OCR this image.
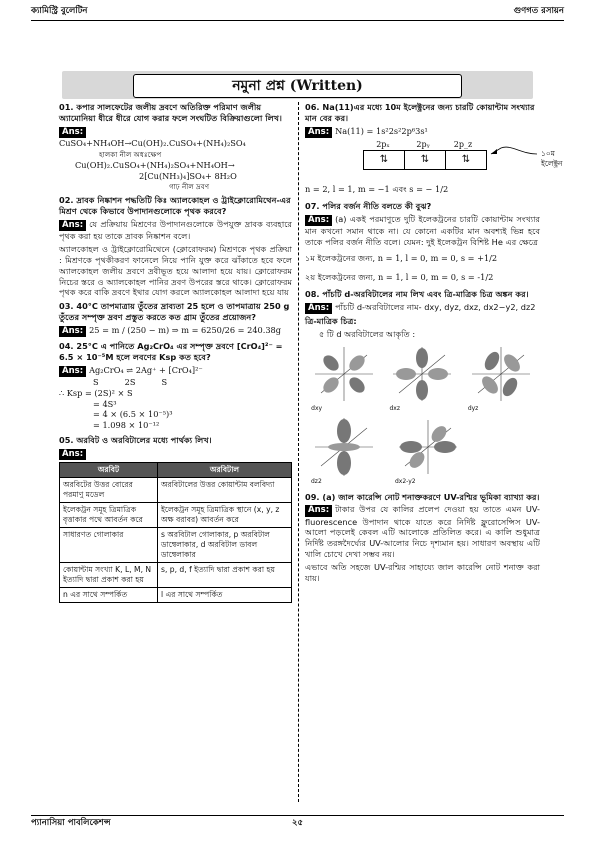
ক্যামিস্ট্রি বুলেটিন	গুণগত রসায়ন
নমুনা প্রশ্ন (Written)
01. কপার সালফেটের জলীয় দ্রবণে অতিরিক্ত পরিমাণ জলীয় অ্যামোনিয়া ধীরে ধীরে যোগ করার ফলে সংঘটিত বিক্রিয়াগুলো লিখ।
Ans:
CuSO₄+NH₄OH→Cu(OH)₂.CuSO₄+(NH₄)₂SO₄
হালকা নীল অধঃক্ষেপ
Cu(OH)₂.CuSO₄+(NH₄)₂SO₄+NH₄OH→
2[Cu(NH₃)₄]SO₄+ 8H₂O
গাঢ় নীল দ্রবণ
02. দ্রাবক নিষ্কাশন পদ্ধতিটি কিঃ অ্যালকোহল ও ট্রাইক্লোরোমিথেন-এর মিশ্রণ থেকে কিভাবে উপাদানগুলোকে পৃথক করবে?
Ans: যে প্রক্রিয়ায় মিশ্রণের উপাদানগুলোকে উপযুক্ত দ্রাবক ব্যবহারে পৃথক করা হয় তাকে দ্রাবক নিষ্কাশন বলে।
অ্যালকোহল ও ট্রাইক্লোরোমিথেনে (ক্লোরোফরম) মিশ্রণকে পৃথক প্রক্রিয়া : মিশ্রণকে পৃথকীকরণ ফানেলে নিয়ে পানি যুক্ত করে ঝাঁকাতে হবে ফলে অ্যালকোহল জলীয় দ্রবণে দ্রবীভূত হয়ে আলাদা হয়ে যায়। ক্লোরোফরম নিচের স্তরে ও অ্যালকোহল পানির দ্রবণ উপরের স্তরে থাকে। ক্লোরোফরম পৃথক করে বাকি দ্রবণে ইথার যোগ করলে অ্যালকোহল আলাদা হয়ে যায়
03. 40°C তাপমাত্রায় তুঁতের দ্রাব্যতা 25 হলে ও তাপমাত্রায় 250 g তুঁতের সম্পৃক্ত দ্রবণ প্রস্তুত করতে কত গ্রাম তুঁতের প্রয়োজন?
Ans: 25 = m / (250 − m) ⇒ m = 6250/26 = 240.38g
04. 25°C এ পানিতে Ag₂CrO₄ এর সম্পৃক্ত দ্রবণে [CrO₄]²⁻ = 6.5 × 10⁻⁵M হলে লবণের Ksp কত হবে?
Ans: Ag₂CrO₄ ⇌ 2Ag⁺ + [CrO₄]²⁻
S          2S          S
∴ Ksp = (2S)² × S
= 4S³
= 4 × (6.5 × 10⁻⁵)³
= 1.098 × 10⁻¹²
05. অরবিট ও অরবিটালের মধ্যে পার্থক্য লিখ।
Ans:
অরবিট	অরবিটাল
অরবিটের উত্তর বোরের পরমাণু মডেল	অরবিটালের উত্তর কোয়ান্টাম বলবিদ্যা
ইলেকট্রন সমূহ ত্রিমাত্রিক বৃত্তাকার পথে আবর্তন করে	ইলেকট্রন সমূহ ত্রিমাত্রিক স্থানে (x, y, z অক্ষ বরাবর) আবর্তন করে
সাধারণত গোলাকার	s অরবিটাল গোলাকার, p অরবিটাল ডাম্বেলাকার, d অরবিটাল ডাবল ডাম্বেলাকার
কোয়ান্টাম সংখ্যা K, L, M, N ইত্যাদি দ্বারা প্রকাশ করা হয়	s, p, d, f ইত্যাদি দ্বারা প্রকাশ করা হয়
n এর সাথে সম্পর্কিত	l এর সাথে সম্পর্কিত
06. Na(11)এর মধ্যে 10ম ইলেক্ট্রনের জন্য চারটি কোয়ান্টাম সংখ্যার মান বের কর।
Ans: Na(11) = 1s²2s²2p⁶3s¹
2pₓ	2pᵧ	2p_z
⇅	⇅	⇅
১০ম ইলেক্ট্রন
n = 2, l = 1, m = −1 এবং s = − 1/2
07. পলির বর্জন নীতি বলতে কী বুঝ?
Ans: (a) একই পরমাণুতে দুটি ইলেকট্রনের চারটি কোয়ান্টাম সংখ্যার মান কখনো সমান থাকে না। যে কোনো একটির মান অবশ্যই ভিন্ন হবে তাকে পলির বর্জন নীতি বলে। যেমন: দুই ইলেকট্রন বিশিষ্ট He এর ক্ষেত্রে
১ম ইলেকট্রনের জন্য, n = 1, l = 0, m = 0, s = +1/2
২য় ইলেকট্রনের জন্য, n = 1, l = 0, m = 0, s = -1/2
08. পাঁচটি d-অরবিটালের নাম লিখ এবং ত্রি-মাত্রিক চিত্র অঙ্কন কর।
Ans: পাঁচটি d-অরবিটালের নাম- dxy, dyz, dxz, dx2−y2, dz2
ত্রি-মাত্রিক চিত্র:
৫ টি d অরবিটালের আকৃতি :
dxy	dxz	dyz
dz2	dx2-y2
09. (a) জাল কারেন্সি নোট শনাক্তকরণে UV-রশ্মির ভূমিকা ব্যাখ্যা কর।
Ans: টাকার উপর যে কালির প্রলেপ দেওয়া হয় তাতে এমন UV-fluorescence উপাদান থাকে যাতে করে নির্দিষ্ট ফ্লুরোসেন্সিস UV-আলো পড়লেই কেবল এটি আলোকে প্রতিলিত করে। এ কালি শুধুমাত্র নির্দিষ্ট তরঙ্গদৈর্ঘ্যের UV-আলোর নিচে দৃশ্যমান হয়। সাধারণ অবস্থায় এটি খালি চোখে দেখা সম্ভব নয়।
এভাবে অতি সহজে UV-রশ্মির সাহায্যে জাল কারেন্সি নোট শনাক্ত করা যায়।
প্যানাসিয়া পাবলিকেশন্স	২৫
